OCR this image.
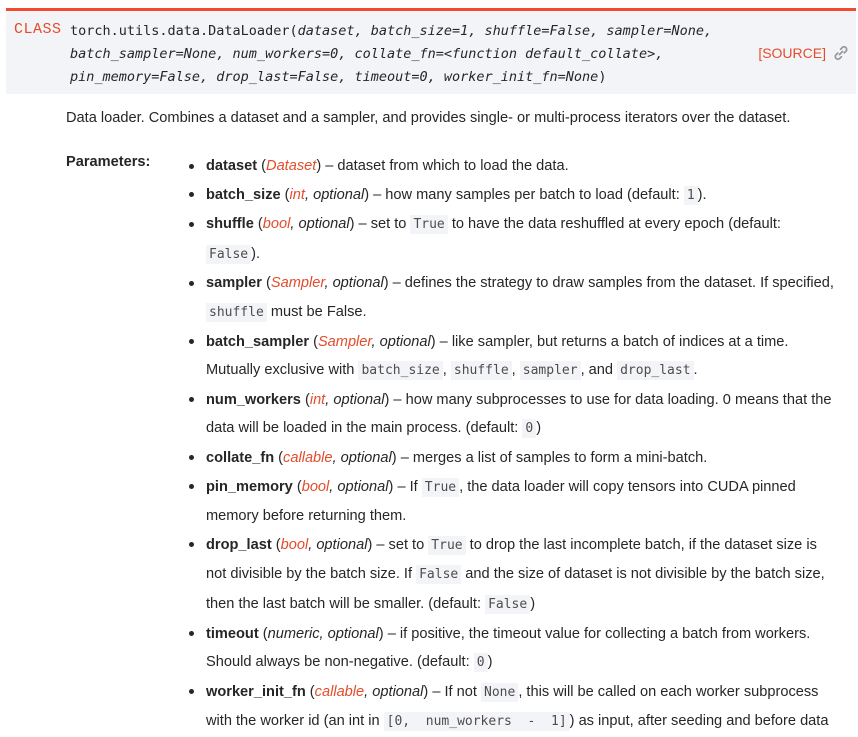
CLASS torch.utils.data.DataLoader(dataset, batch_size=1, shuffle=False, sampler=None,
batch_sampler=None, num_workers=0, collate_fn=<function default_collate>,
pin_memory=False, drop_last=False, timeout=0, worker_init_fn=None)
[SOURCE]
Data loader. Combines a dataset and a sampler, and provides single- or multi-process iterators over the dataset.
Parameters:	dataset (Dataset) – dataset from which to load the data.
batch_size (int, optional) – how many samples per batch to load (default: 1 ).
shuffle (bool, optional) – set to True to have the data reshuffled at every epoch (default:
False ).
sampler (Sampler, optional) – defines the strategy to draw samples from the dataset. If specified,
shuffle must be False.
batch_sampler (Sampler, optional) – like sampler, but returns a batch of indices at a time.
Mutually exclusive with batch_size , shuffle , sampler , and drop_last .
num_workers (int, optional) – how many subprocesses to use for data loading. 0 means that the
data will be loaded in the main process. (default: 0 )
collate_fn (callable, optional) – merges a list of samples to form a mini-batch.
pin_memory (bool, optional) – If True , the data loader will copy tensors into CUDA pinned
memory before returning them.
drop_last (bool, optional) – set to True to drop the last incomplete batch, if the dataset size is
not divisible by the batch size. If False and the size of dataset is not divisible by the batch size,
then the last batch will be smaller. (default: False )
timeout (numeric, optional) – if positive, the timeout value for collecting a batch from workers.
Should always be non-negative. (default: 0 )
worker_init_fn (callable, optional) – If not None , this will be called on each worker subprocess
with the worker id (an int in [0,  num_workers  -  1] ) as input, after seeding and before data
